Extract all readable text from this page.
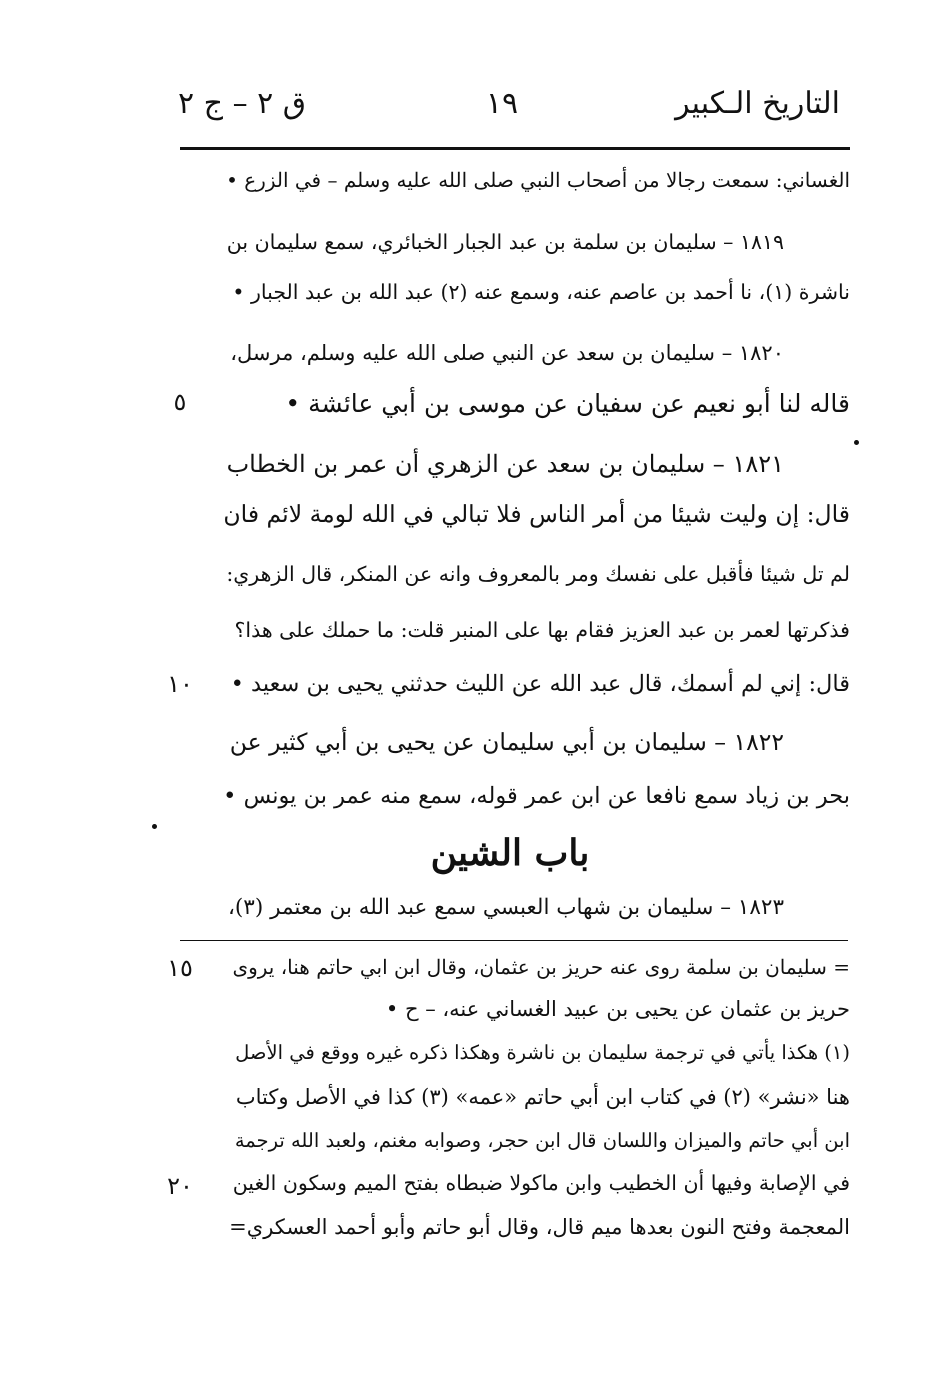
التاريخ الـكبير
١٩
ق ٢ – ج ٢
الغساني: سمعت رجالا من أصحاب النبي صلى الله عليه وسلم – في الزرع •
١٨١٩ – سليمان بن سلمة بن عبد الجبار الخبائري، سمع سليمان بن
ناشرة (١)، نا أحمد بن عاصم عنه، وسمع عنه (٢) عبد الله بن عبد الجبار •
١٨٢٠ – سليمان بن سعد عن النبي صلى الله عليه وسلم، مرسل،
قاله لنا أبو نعيم عن سفيان عن موسى بن أبي عائشة •
١٨٢١ – سليمان بن سعد عن الزهري أن عمر بن الخطاب
قال: إن وليت شيئا من أمر الناس فلا تبالي في الله لومة لائم فان
لم تل شيئا فأقبل على نفسك ومر بالمعروف وانه عن المنكر، قال الزهري:
فذكرتها لعمر بن عبد العزيز فقام بها على المنبر قلت: ما حملك على هذا؟
قال: إني لم أسمك، قال عبد الله عن الليث حدثني يحيى بن سعيد •
١٨٢٢ – سليمان بن أبي سليمان عن يحيى بن أبي كثير عن
بحر بن زياد سمع نافعا عن ابن عمر قوله، سمع منه عمر بن يونس •
باب الشين
١٨٢٣ – سليمان بن شهاب العبسي سمع عبد الله بن معتمر (٣)،
= سليمان بن سلمة روى عنه حريز بن عثمان، وقال ابن ابي حاتم هنا، يروى
حريز بن عثمان عن يحيى بن عبيد الغساني عنه، – ح •
(١) هكذا يأتي في ترجمة سليمان بن ناشرة وهكذا ذكره غيره ووقع في الأصل
هنا «نشر» (٢) في كتاب ابن أبي حاتم «عمه» (٣) كذا في الأصل وكتاب
ابن أبي حاتم والميزان واللسان قال ابن حجر، وصوابه مغنم، ولعبد الله ترجمة
في الإصابة وفيها أن الخطيب وابن ماكولا ضبطاه بفتح الميم وسكون الغين
المعجمة وفتح النون بعدها ميم قال، وقال أبو حاتم وأبو أحمد العسكري=
٥
١٠
١٥
٢٠
